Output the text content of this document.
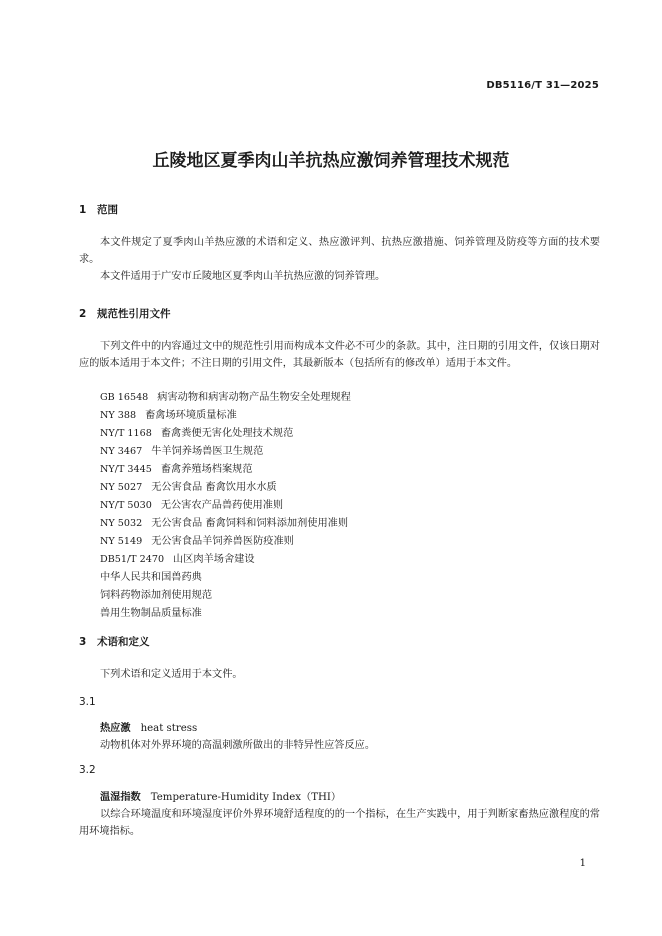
DB5116/T 31—2025
丘陵地区夏季肉山羊抗热应激饲养管理技术规范
1 范围
本文件规定了夏季肉山羊热应激的术语和定义、热应激评判、抗热应激措施、饲养管理及防疫等方面的技术要求。
本文件适用于广安市丘陵地区夏季肉山羊抗热应激的饲养管理。
2 规范性引用文件
下列文件中的内容通过文中的规范性引用而构成本文件必不可少的条款。其中，注日期的引用文件，仅该日期对应的版本适用于本文件；不注日期的引用文件，其最新版本（包括所有的修改单）适用于本文件。
GB 16548 病害动物和病害动物产品生物安全处理规程
NY 388 畜禽场环境质量标准
NY/T 1168 畜禽粪便无害化处理技术规范
NY 3467 牛羊饲养场兽医卫生规范
NY/T 3445 畜禽养殖场档案规范
NY 5027 无公害食品 畜禽饮用水水质
NY/T 5030 无公害农产品兽药使用准则
NY 5032 无公害食品 畜禽饲料和饲料添加剂使用准则
NY 5149 无公害食品羊饲养兽医防疫准则
DB51/T 2470 山区肉羊场舍建设
中华人民共和国兽药典
饲料药物添加剂使用规范
兽用生物制品质量标准
3 术语和定义
下列术语和定义适用于本文件。
3.1
热应激 heat stress
动物机体对外界环境的高温刺激所做出的非特异性应答反应。
3.2
温湿指数 Temperature-Humidity Index（THI）
以综合环境温度和环境湿度评价外界环境舒适程度的的一个指标，在生产实践中，用于判断家畜热应激程度的常用环境指标。
1
